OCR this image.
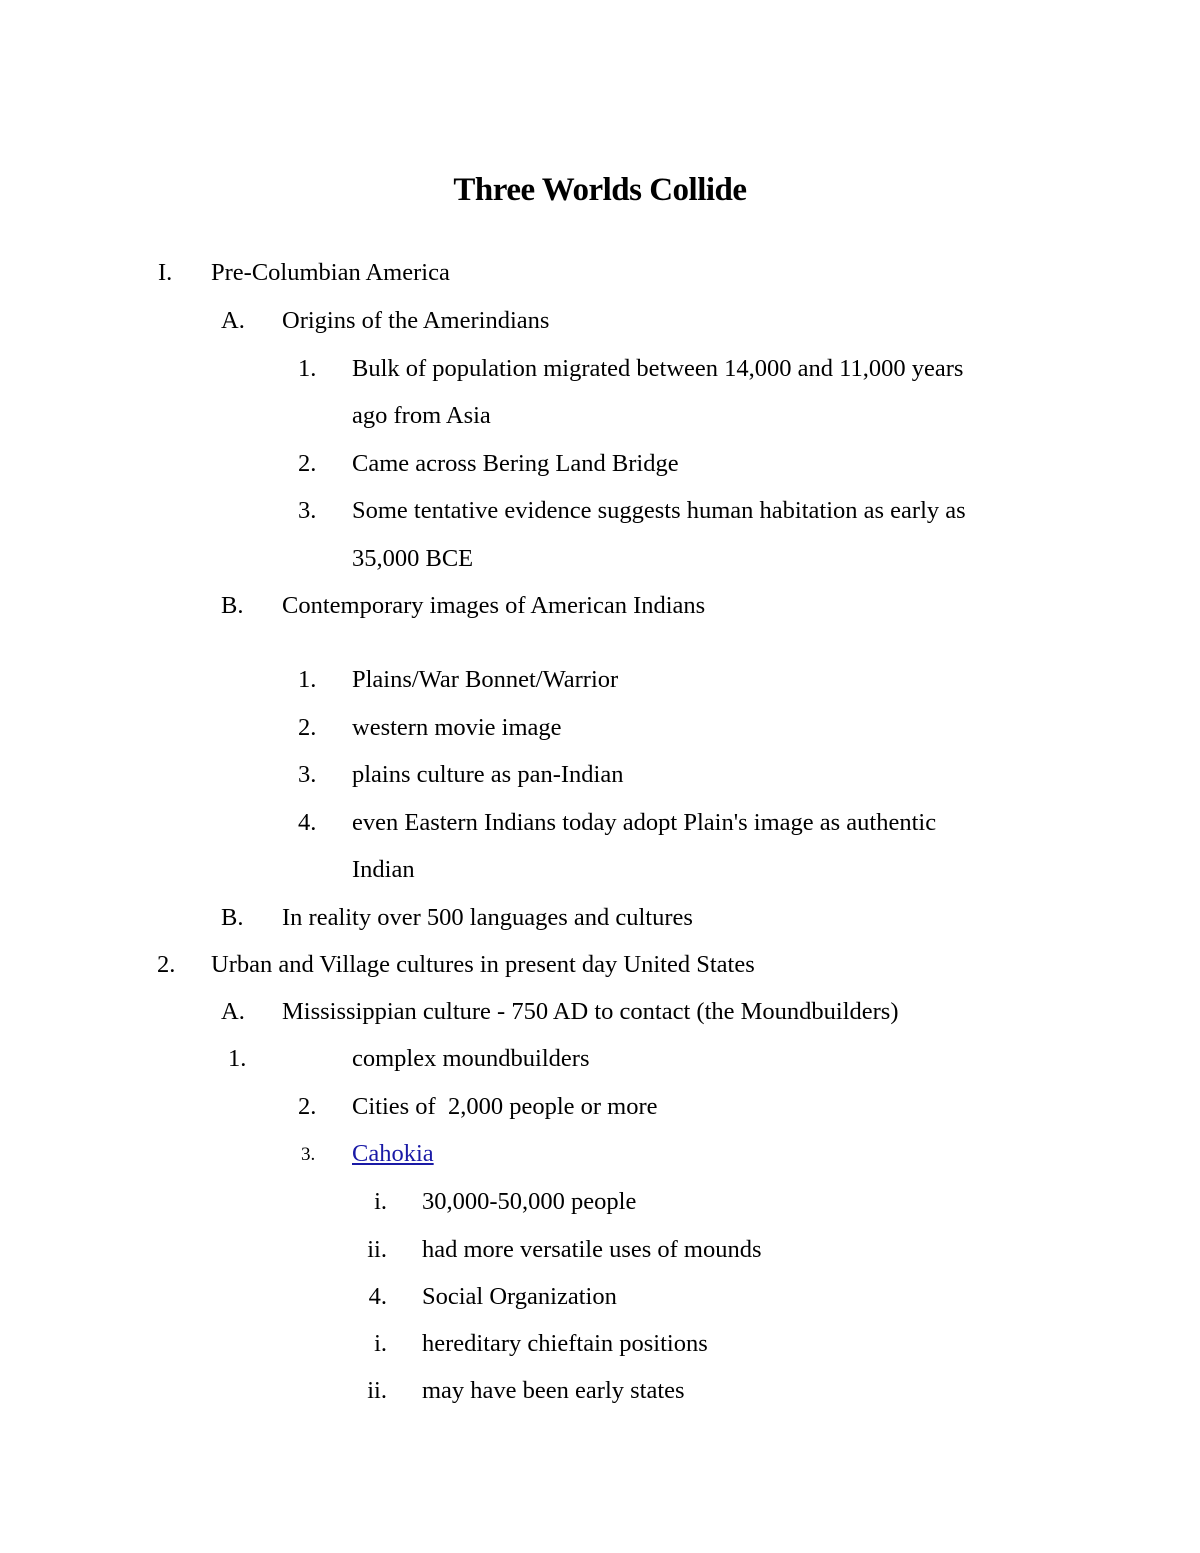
Three Worlds Collide
I. Pre-Columbian America
A. Origins of the Amerindians
1. Bulk of population migrated between 14,000 and 11,000 years
ago from Asia
2. Came across Bering Land Bridge
3. Some tentative evidence suggests human habitation as early as
35,000 BCE
B. Contemporary images of American Indians
1. Plains/War Bonnet/Warrior
2. western movie image
3. plains culture as pan-Indian
4. even Eastern Indians today adopt Plain's image as authentic
Indian
B. In reality over 500 languages and cultures
2. Urban and Village cultures in present day United States
A. Mississippian culture - 750 AD to contact (the Moundbuilders)
1.	complex moundbuilders
2. Cities of  2,000 people or more
3. Cahokia
i. 30,000-50,000 people
ii. had more versatile uses of mounds
4. Social Organization
i. hereditary chieftain positions
ii. may have been early states
